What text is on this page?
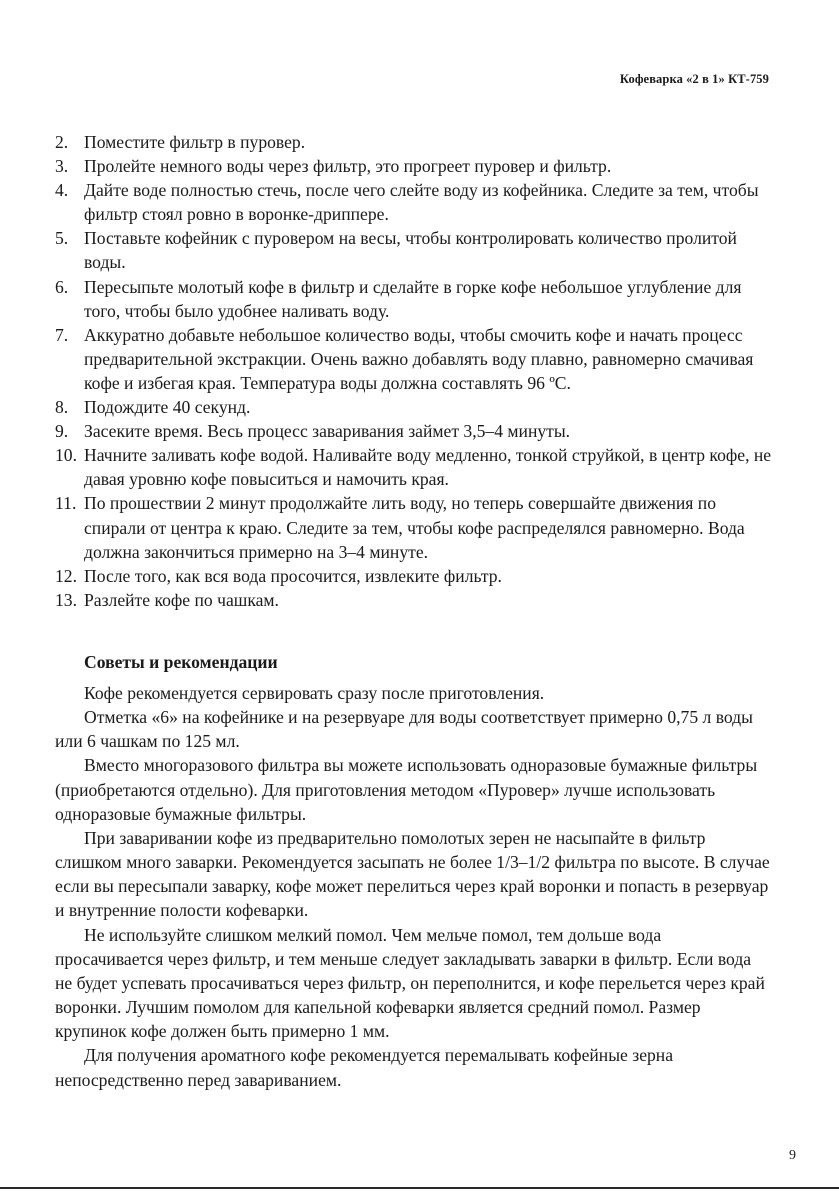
Кофеварка «2 в 1» КТ-759
2. Поместите фильтр в пуровер.
3. Пролейте немного воды через фильтр, это прогреет пуровер и фильтр.
4. Дайте воде полностью стечь, после чего слейте воду из кофейника. Следите за тем, чтобы фильтр стоял ровно в воронке-дриппере.
5. Поставьте кофейник с пуровером на весы, чтобы контролировать количество пролитой воды.
6. Пересыпьте молотый кофе в фильтр и сделайте в горке кофе небольшое углубление для того, чтобы было удобнее наливать воду.
7. Аккуратно добавьте небольшое количество воды, чтобы смочить кофе и начать процесс предварительной экстракции. Очень важно добавлять воду плавно, равномерно смачивая кофе и избегая края. Температура воды должна составлять 96 ºС.
8. Подождите 40 секунд.
9. Засеките время. Весь процесс заваривания займет 3,5–4 минуты.
10. Начните заливать кофе водой. Наливайте воду медленно, тонкой струйкой, в центр кофе, не давая уровню кофе повыситься и намочить края.
11. По прошествии 2 минут продолжайте лить воду, но теперь совершайте движения по спирали от центра к краю. Следите за тем, чтобы кофе распределялся равномерно. Вода должна закончиться примерно на 3–4 минуте.
12. После того, как вся вода просочится, извлеките фильтр.
13. Разлейте кофе по чашкам.
Советы и рекомендации

Кофе рекомендуется сервировать сразу после приготовления.

Отметка «6» на кофейнике и на резервуаре для воды соответствует примерно 0,75 л воды или 6 чашкам по 125 мл.

Вместо многоразового фильтра вы можете использовать одноразовые бумажные фильтры (приобретаются отдельно). Для приготовления методом «Пуровер» лучше использовать одноразовые бумажные фильтры.

При заваривании кофе из предварительно помолотых зерен не насыпайте в фильтр слишком много заварки. Рекомендуется засыпать не более 1/3–1/2 фильтра по высоте. В случае если вы пересыпали заварку, кофе может перелиться через край воронки и попасть в резервуар и внутренние полости кофеварки.

Не используйте слишком мелкий помол. Чем мельче помол, тем дольше вода просачивается через фильтр, и тем меньше следует закладывать заварки в фильтр. Если вода не будет успевать просачиваться через фильтр, он переполнится, и кофе перельется через край воронки. Лучшим помолом для капельной кофеварки является средний помол. Размер крупинок кофе должен быть примерно 1 мм.

Для получения ароматного кофе рекомендуется перемалывать кофейные зерна непосредственно перед завариванием.

9
